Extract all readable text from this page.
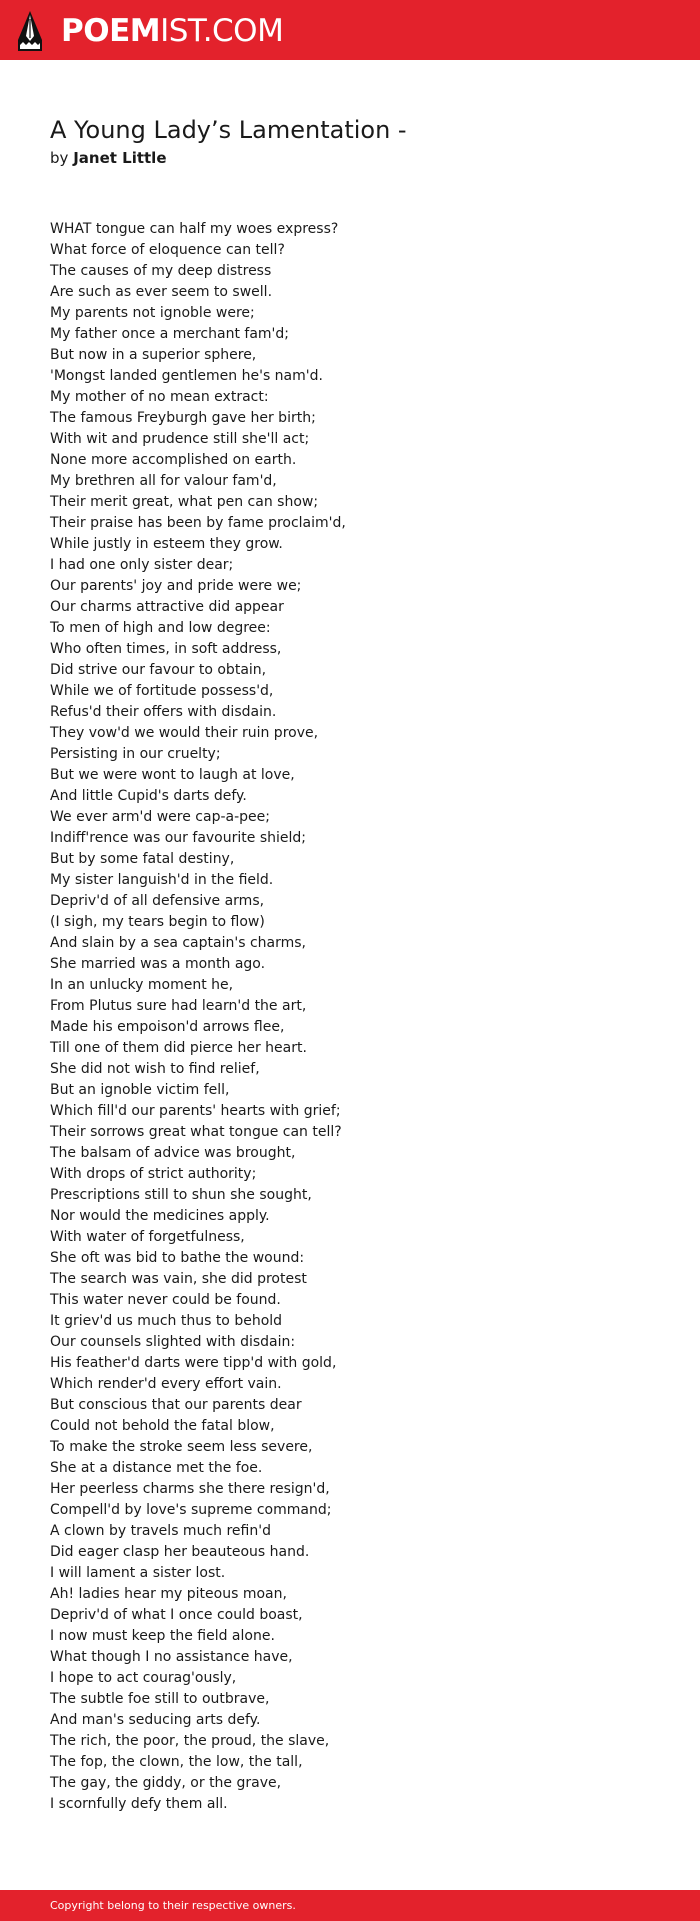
POEMIST.COM
A Young Lady’s Lamentation -
by Janet Little
WHAT tongue can half my woes express?
What force of eloquence can tell?
The causes of my deep distress
Are such as ever seem to swell.
My parents not ignoble were;
My father once a merchant fam'd;
But now in a superior sphere,
'Mongst landed gentlemen he's nam'd.
My mother of no mean extract:
The famous Freyburgh gave her birth;
With wit and prudence still she'll act;
None more accomplished on earth.
My brethren all for valour fam'd,
Their merit great, what pen can show;
Their praise has been by fame proclaim'd,
While justly in esteem they grow.
I had one only sister dear;
Our parents' joy and pride were we;
Our charms attractive did appear
To men of high and low degree:
Who often times, in soft address,
Did strive our favour to obtain,
While we of fortitude possess'd,
Refus'd their offers with disdain.
They vow'd we would their ruin prove,
Persisting in our cruelty;
But we were wont to laugh at love,
And little Cupid's darts defy.
We ever arm'd were cap-a-pee;
Indiff'rence was our favourite shield;
But by some fatal destiny,
My sister languish'd in the field.
Depriv'd of all defensive arms,
(I sigh, my tears begin to flow)
And slain by a sea captain's charms,
She married was a month ago.
In an unlucky moment he,
From Plutus sure had learn'd the art,
Made his empoison'd arrows flee,
Till one of them did pierce her heart.
She did not wish to find relief,
But an ignoble victim fell,
Which fill'd our parents' hearts with grief;
Their sorrows great what tongue can tell?
The balsam of advice was brought,
With drops of strict authority;
Prescriptions still to shun she sought,
Nor would the medicines apply.
With water of forgetfulness,
She oft was bid to bathe the wound:
The search was vain, she did protest
This water never could be found.
It griev'd us much thus to behold
Our counsels slighted with disdain:
His feather'd darts were tipp'd with gold,
Which render'd every effort vain.
But conscious that our parents dear
Could not behold the fatal blow,
To make the stroke seem less severe,
She at a distance met the foe.
Her peerless charms she there resign'd,
Compell'd by love's supreme command;
A clown by travels much refin'd
Did eager clasp her beauteous hand.
I will lament a sister lost.
Ah! ladies hear my piteous moan,
Depriv'd of what I once could boast,
I now must keep the field alone.
What though I no assistance have,
I hope to act courag'ously,
The subtle foe still to outbrave,
And man's seducing arts defy.
The rich, the poor, the proud, the slave,
The fop, the clown, the low, the tall,
The gay, the giddy, or the grave,
I scornfully defy them all.
Copyright belong to their respective owners.
